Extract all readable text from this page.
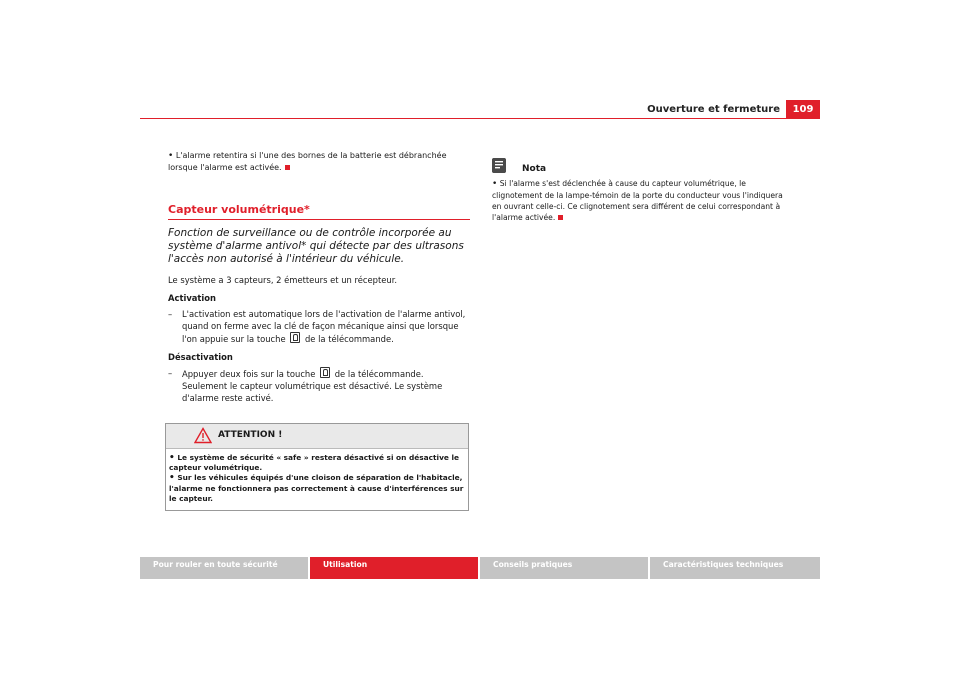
Ouverture et fermeture	109

• L'alarme retentira si l'une des bornes de la batterie est débranchée lorsque l'alarme est activée.

Capteur volumétrique*
Fonction de surveillance ou de contrôle incorporée au système d'alarme antivol* qui détecte par des ultrasons l'accès non autorisé à l'intérieur du véhicule.
Le système a 3 capteurs, 2 émetteurs et un récepteur.
Activation
– L'activation est automatique lors de l'activation de l'alarme antivol, quand on ferme avec la clé de façon mécanique ainsi que lorsque l'on appuie sur la touche de la télécommande.
Désactivation
– Appuyer deux fois sur la touche de la télécommande. Seulement le capteur volumétrique est désactivé. Le système d'alarme reste activé.
ATTENTION !
• Le système de sécurité « safe » restera désactivé si on désactive le capteur volumétrique.
• Sur les véhicules équipés d'une cloison de séparation de l'habitacle, l'alarme ne fonctionnera pas correctement à cause d'interférences sur le capteur.
Nota
• Si l'alarme s'est déclenchée à cause du capteur volumétrique, le clignotement de la lampe-témoin de la porte du conducteur vous l'indiquera en ouvrant celle-ci. Ce clignotement sera différent de celui correspondant à l'alarme activée.
Pour rouler en toute sécurité	Utilisation	Conseils pratiques	Caractéristiques techniques
